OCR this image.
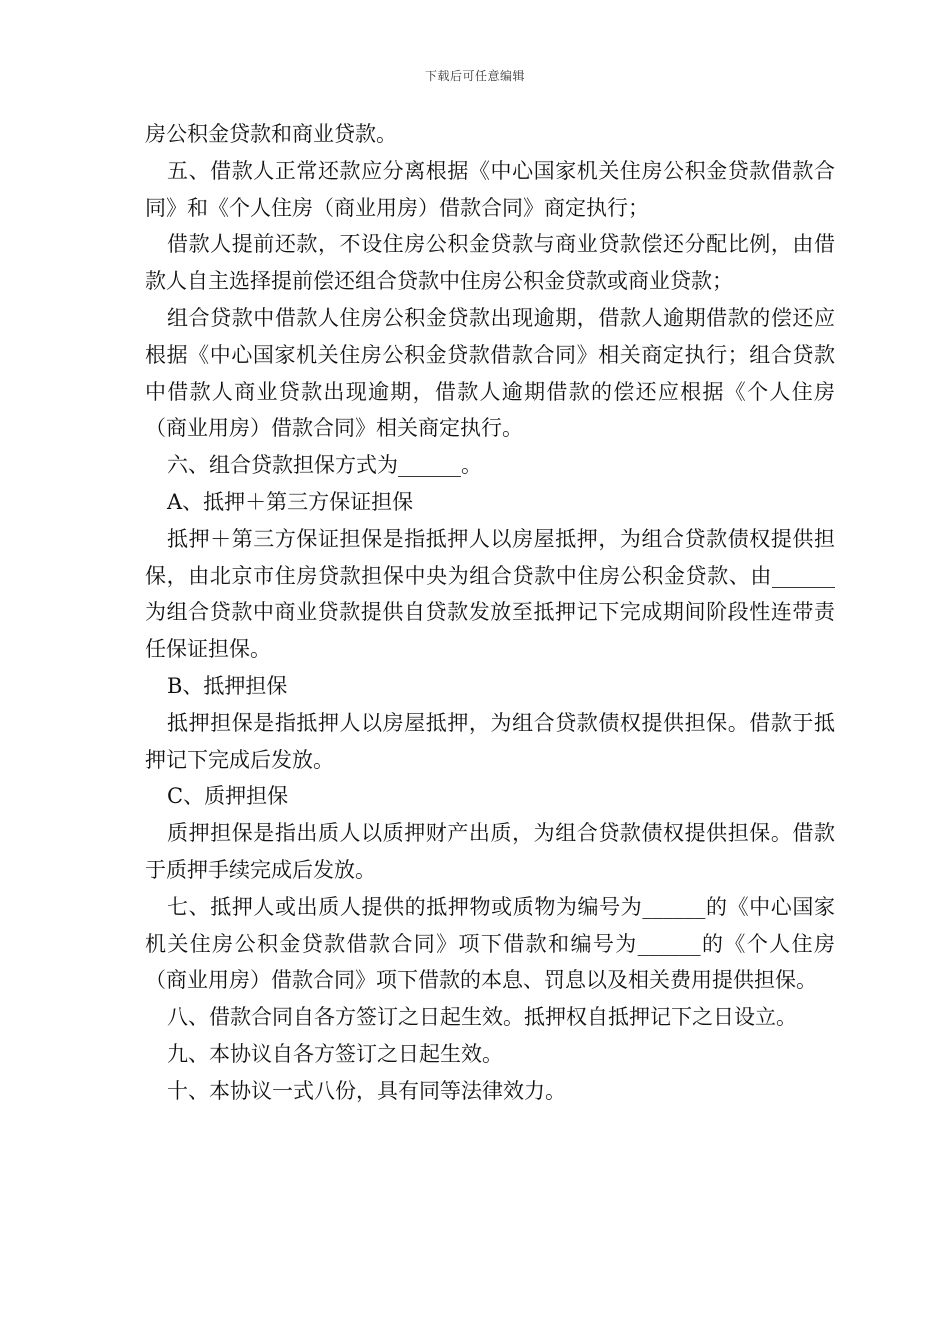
下载后可任意编辑

房公积金贷款和商业贷款。

五、借款人正常还款应分离根据《中心国家机关住房公积金贷款借款合同》和《个人住房（商业用房）借款合同》商定执行；

借款人提前还款，不设住房公积金贷款与商业贷款偿还分配比例，由借款人自主选择提前偿还组合贷款中住房公积金贷款或商业贷款；

组合贷款中借款人住房公积金贷款出现逾期，借款人逾期借款的偿还应根据《中心国家机关住房公积金贷款借款合同》相关商定执行；组合贷款中借款人商业贷款出现逾期，借款人逾期借款的偿还应根据《个人住房（商业用房）借款合同》相关商定执行。

六、组合贷款担保方式为______。

A、抵押＋第三方保证担保

抵押＋第三方保证担保是指抵押人以房屋抵押，为组合贷款债权提供担保，由北京市住房贷款担保中央为组合贷款中住房公积金贷款、由______为组合贷款中商业贷款提供自贷款发放至抵押记下完成期间阶段性连带责任保证担保。

B、抵押担保

抵押担保是指抵押人以房屋抵押，为组合贷款债权提供担保。借款于抵押记下完成后发放。

C、质押担保

质押担保是指出质人以质押财产出质，为组合贷款债权提供担保。借款于质押手续完成后发放。

七、抵押人或出质人提供的抵押物或质物为编号为______的《中心国家机关住房公积金贷款借款合同》项下借款和编号为______的《个人住房（商业用房）借款合同》项下借款的本息、罚息以及相关费用提供担保。

八、借款合同自各方签订之日起生效。抵押权自抵押记下之日设立。

九、本协议自各方签订之日起生效。

十、本协议一式八份，具有同等法律效力。
